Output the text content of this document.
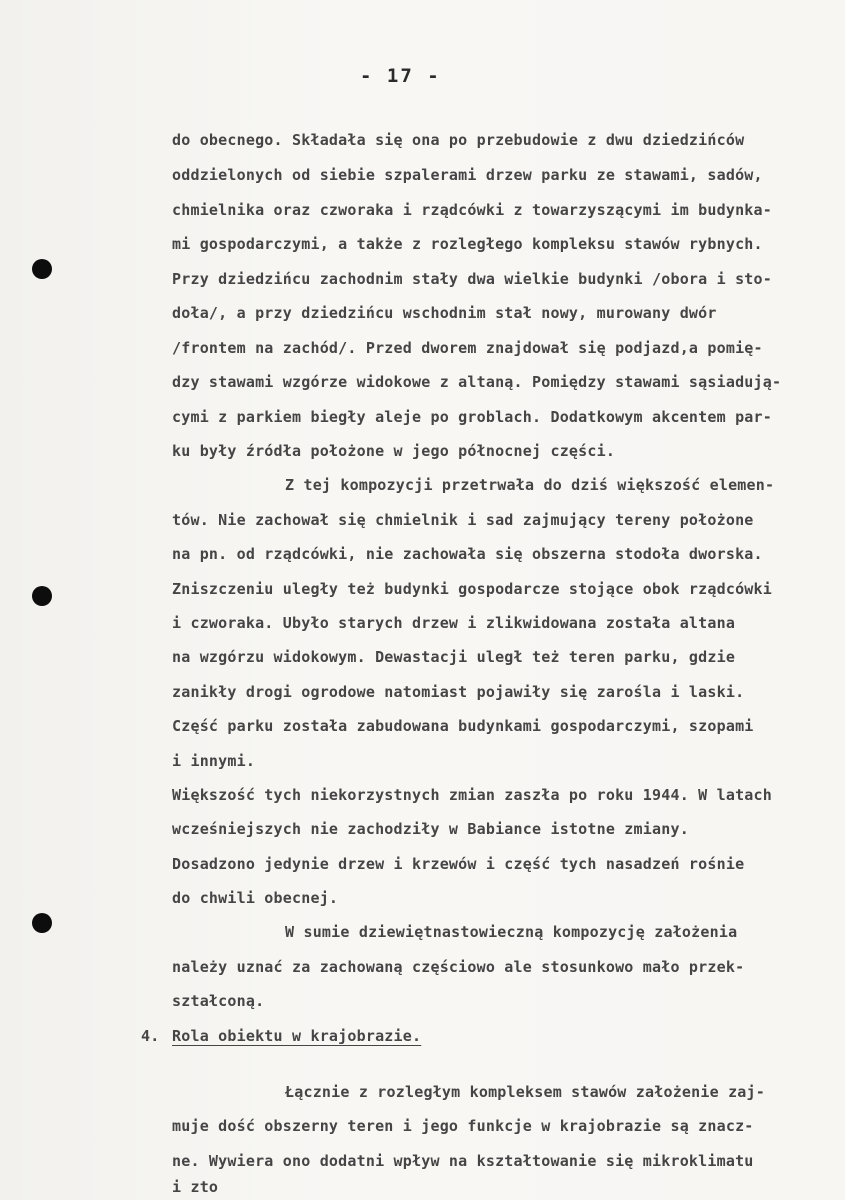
- 17 -
do obecnego. Składała się ona po przebudowie z dwu dziedzińców
oddzielonych od siebie szpalerami drzew parku ze stawami, sadów,
chmielnika oraz czworaka i rządcówki z towarzyszącymi im budynka-
mi gospodarczymi, a także z rozległego kompleksu stawów rybnych.
Przy dziedzińcu zachodnim stały dwa wielkie budynki /obora i sto-
doła/, a przy dziedzińcu wschodnim stał nowy, murowany dwór
/frontem na zachód/. Przed dworem znajdował się podjazd,a pomię-
dzy stawami wzgórze widokowe z altaną. Pomiędzy stawami sąsiadują-
cymi z parkiem biegły aleje po groblach. Dodatkowym akcentem par-
ku były źródła położone w jego północnej części.
Z tej kompozycji przetrwała do dziś większość elemen-
tów. Nie zachował się chmielnik i sad zajmujący tereny położone
na pn. od rządcówki, nie zachowała się obszerna stodoła dworska.
Zniszczeniu uległy też budynki gospodarcze stojące obok rządcówki
i czworaka. Ubyło starych drzew i zlikwidowana została altana
na wzgórzu widokowym. Dewastacji uległ też teren parku, gdzie
zanikły drogi ogrodowe natomiast pojawiły się zarośla i laski.
Część parku została zabudowana budynkami gospodarczymi, szopami
i innymi.
Większość tych niekorzystnych zmian zaszła po roku 1944. W latach
wcześniejszych nie zachodziły w Babiance istotne zmiany.
Dosadzono jedynie drzew i krzewów i część tych nasadzeń rośnie
do chwili obecnej.
W sumie dziewiętnastowieczną kompozycję założenia
należy uznać za zachowaną częściowo ale stosunkowo mało przek-
ształconą.
4. Rola obiektu w krajobrazie.
Łącznie z rozległym kompleksem stawów założenie zaj-
muje dość obszerny teren i jego funkcje w krajobrazie są znacz-
ne. Wywiera ono dodatni wpływ na kształtowanie się mikroklimatu
i zto
